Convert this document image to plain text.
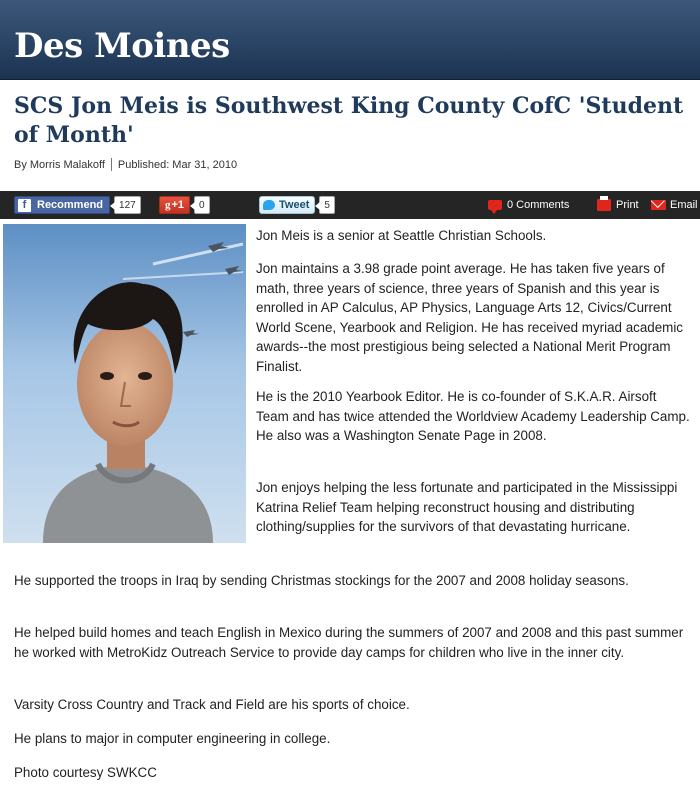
Des Moines
SCS Jon Meis is Southwest King County CofC 'Student of Month'
By Morris Malakoff Published: Mar 31, 2010
f Recommend	127	g +1	0	Tweet	5	0 Comments	Print	Email

Jon Meis is a senior at Seattle Christian Schools.

Jon maintains a 3.98 grade point average. He has taken five years of math, three years of science, three years of Spanish and this year is enrolled in AP Calculus, AP Physics, Language Arts 12, Civics/Current World Scene, Yearbook and Religion. He has received myriad academic awards--the most prestigious being selected a National Merit Program Finalist.

He is the 2010 Yearbook Editor. He is co-founder of S.K.A.R. Airsoft Team and has twice attended the Worldview Academy Leadership Camp. He also was a Washington Senate Page in 2008.

Jon enjoys helping the less fortunate and participated in the Mississippi Katrina Relief Team helping reconstruct housing and distributing clothing/supplies for the survivors of that devastating hurricane.

He supported the troops in Iraq by sending Christmas stockings for the 2007 and 2008 holiday seasons.

He helped build homes and teach English in Mexico during the summers of 2007 and 2008 and this past summer he worked with MetroKidz Outreach Service to provide day camps for children who live in the inner city.

Varsity Cross Country and Track and Field are his sports of choice.

He plans to major in computer engineering in college.

Photo courtesy SWKCC
